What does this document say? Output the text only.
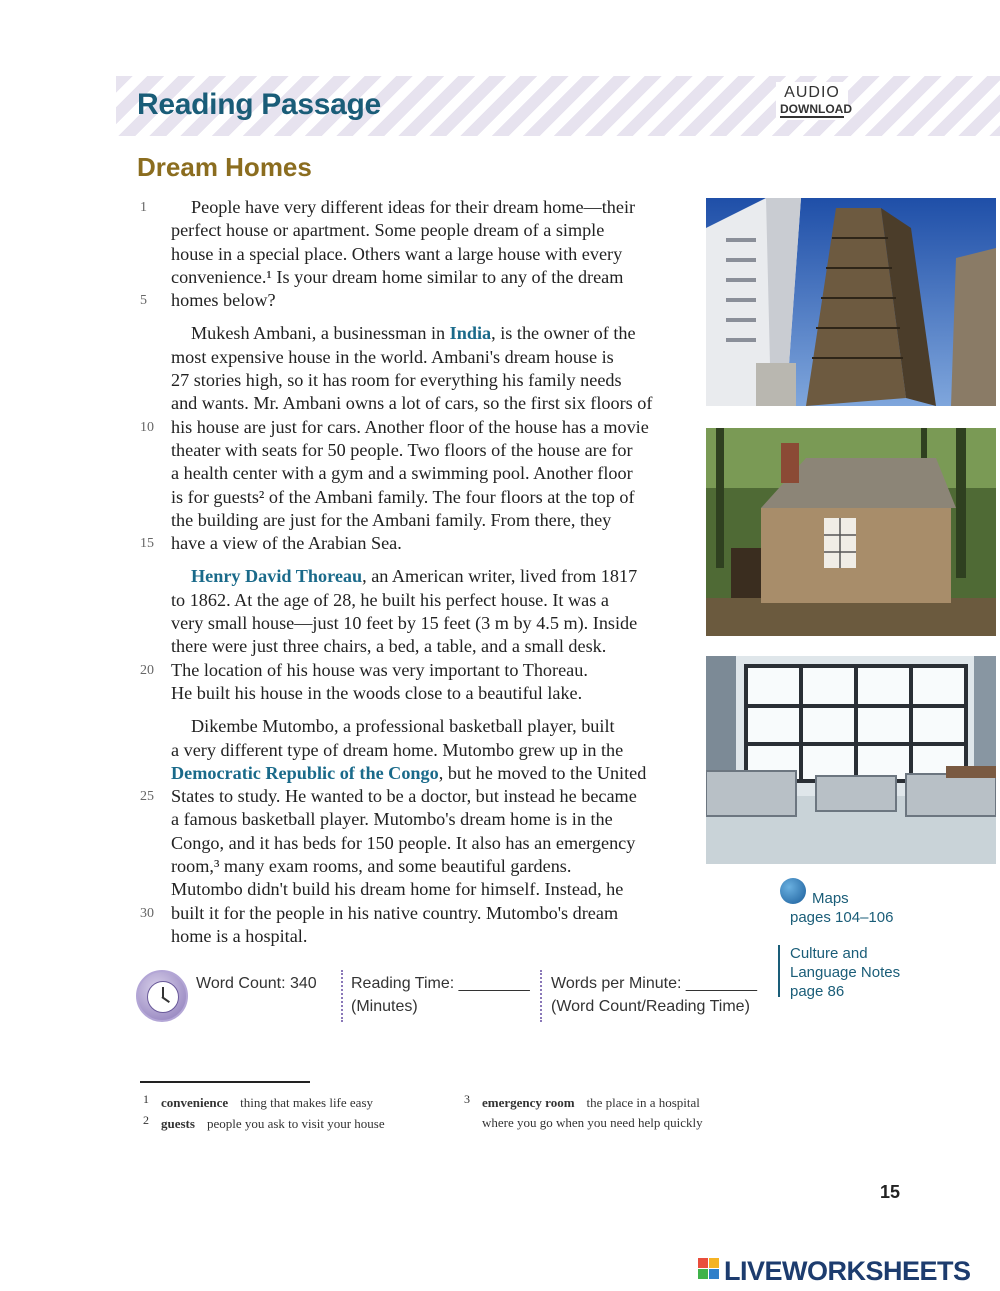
Reading Passage	AUDIO
DOWNLOAD
Dream Homes
1 People have very different ideas for their dream home—their
perfect house or apartment. Some people dream of a simple
house in a special place. Others want a large house with every
convenience.¹ Is your dream home similar to any of the dream
5 homes below?
Mukesh Ambani, a businessman in India, is the owner of the
most expensive house in the world. Ambani's dream house is
27 stories high, so it has room for everything his family needs
and wants. Mr. Ambani owns a lot of cars, so the first six floors of
10 his house are just for cars. Another floor of the house has a movie
theater with seats for 50 people. Two floors of the house are for
a health center with a gym and a swimming pool. Another floor
is for guests² of the Ambani family. The four floors at the top of
the building are just for the Ambani family. From there, they
15 have a view of the Arabian Sea.
Henry David Thoreau, an American writer, lived from 1817
to 1862. At the age of 28, he built his perfect house. It was a
very small house—just 10 feet by 15 feet (3 m by 4.5 m). Inside
there were just three chairs, a bed, a table, and a small desk.
20 The location of his house was very important to Thoreau.
He built his house in the woods close to a beautiful lake.
Dikembe Mutombo, a professional basketball player, built
a very different type of dream home. Mutombo grew up in the
Democratic Republic of the Congo, but he moved to the United
25 States to study. He wanted to be a doctor, but instead he became
a famous basketball player. Mutombo's dream home is in the
Congo, and it has beds for 150 people. It also has an emergency
room,³ many exam rooms, and some beautiful gardens.
Mutombo didn't build his dream home for himself. Instead, he
30 built it for the people in his native country. Mutombo's dream
home is a hospital.
Maps
pages 104–106
Culture and
Language Notes
page 86
Word Count: 340 Reading Time: ________
(Minutes)
Words per Minute: ________
(Word Count/Reading Time)
1 convenience thing that makes life easy
2 guests people you ask to visit your house
3 emergency room the place in a hospital
where you go when you need help quickly
15
LIVEWORKSHEETS
